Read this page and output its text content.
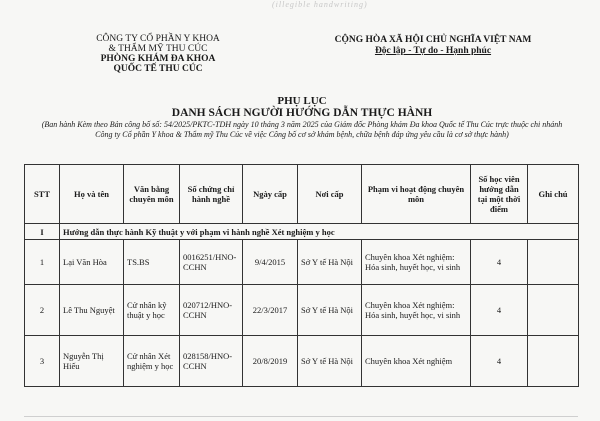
(illegible handwriting)
CÔNG TY CỔ PHẦN Y KHOA
& THẨM MỸ THU CÚC
PHÒNG KHÁM ĐA KHOA
QUỐC TẾ THU CÚC
CỘNG HÒA XÃ HỘI CHỦ NGHĨA VIỆT NAM
Độc lập - Tự do - Hạnh phúc
PHỤ LỤC
DANH SÁCH NGƯỜI HƯỚNG DẪN THỰC HÀNH
(Ban hành Kèm theo Bản công bố số: 54/2025/PKTC-TDH ngày 10 tháng 3 năm 2025 của Giám đốc Phòng khám Đa khoa Quốc tế Thu Cúc trực thuộc chi nhánh Công ty Cổ phần Y khoa & Thẩm mỹ Thu Cúc về việc Công bố cơ sở khám bệnh, chữa bệnh đáp ứng yêu cầu là cơ sở thực hành)
STT	Họ và tên	Văn bằng chuyên môn	Số chứng chỉ hành nghề	Ngày cấp	Nơi cấp	Phạm vi hoạt động chuyên môn	Số học viên hướng dẫn tại một thời điểm	Ghi chú
I	Hướng dẫn thực hành Kỹ thuật y với phạm vi hành nghề Xét nghiệm y học							
1	Lại Văn Hòa	TS.BS	0016251/HNO-CCHN	9/4/2015	Sở Y tế Hà Nội	Chuyên khoa Xét nghiệm: Hóa sinh, huyết học, vi sinh	4	
2	Lê Thu Nguyệt	Cử nhân kỹ thuật y học	020712/HNO-CCHN	22/3/2017	Sở Y tế Hà Nội	Chuyên khoa Xét nghiệm: Hóa sinh, huyết học, vi sinh	4	
3	Nguyễn Thị Hiếu	Cử nhân Xét nghiệm y học	028158/HNO-CCHN	20/8/2019	Sở Y tế Hà Nội	Chuyên khoa Xét nghiệm	4	
